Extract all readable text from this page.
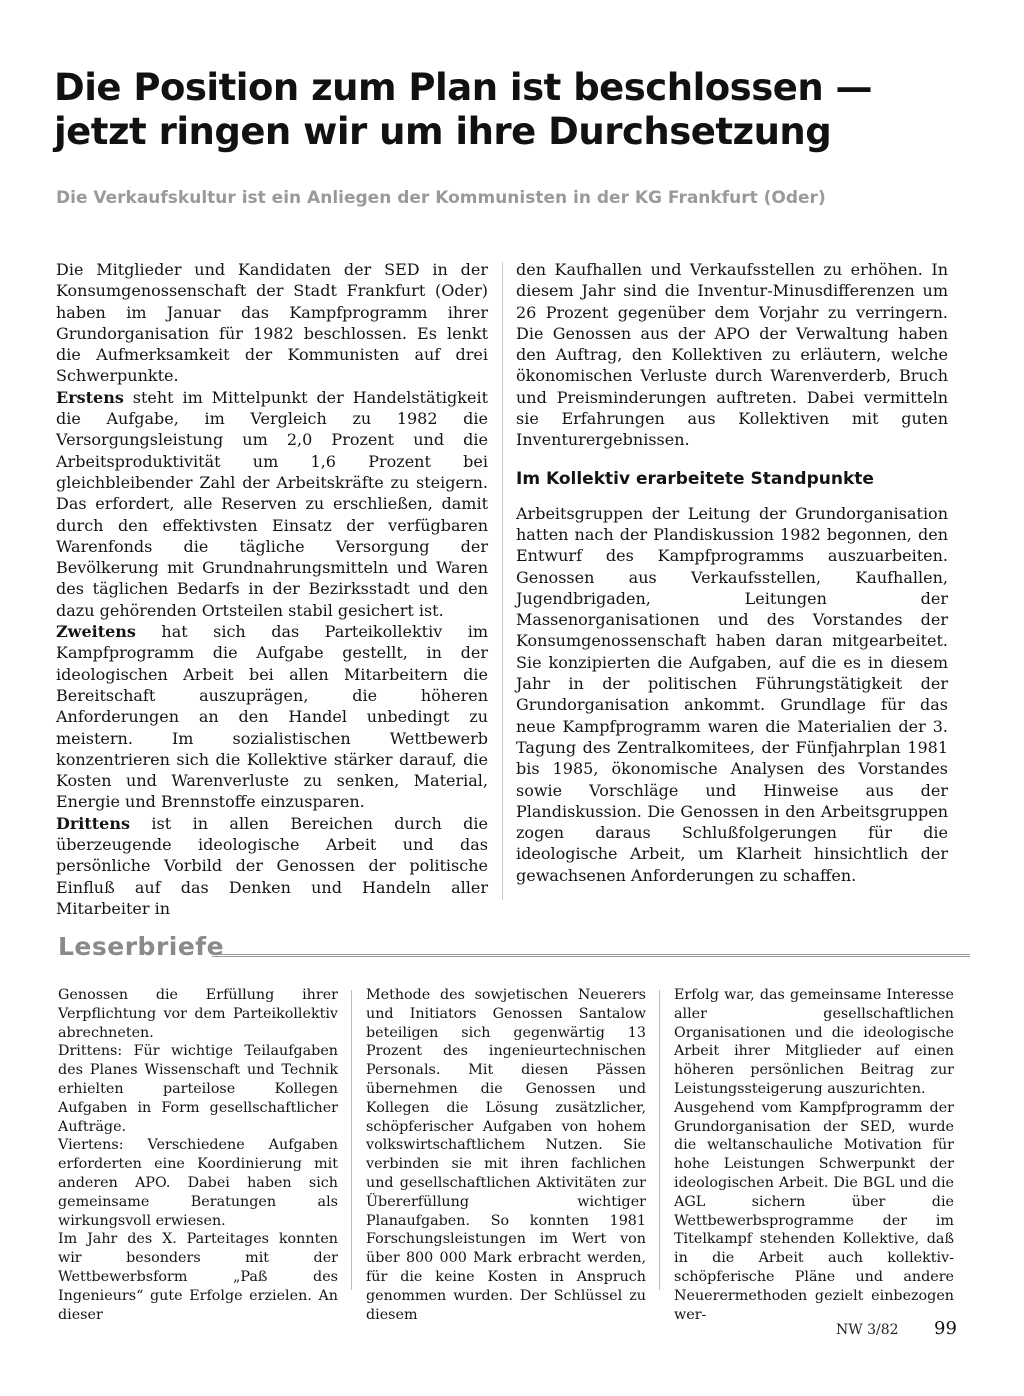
Die Position zum Plan ist beschlossen —
jetzt ringen wir um ihre Durchsetzung

Die Verkaufskultur ist ein Anliegen der Kommunisten in der KG Frankfurt (Oder)

Die Mitglieder und Kandidaten der SED in der Konsumgenossenschaft der Stadt Frankfurt (Oder) haben im Januar das Kampfprogramm ihrer Grundorganisation für 1982 beschlossen. Es lenkt die Aufmerksamkeit der Kommunisten auf drei Schwerpunkte.

Erstens steht im Mittelpunkt der Handelstätigkeit die Aufgabe, im Vergleich zu 1982 die Versorgungsleistung um 2,0 Prozent und die Arbeitsproduktivität um 1,6 Prozent bei gleichbleibender Zahl der Arbeitskräfte zu steigern. Das erfordert, alle Reserven zu erschließen, damit durch den effektivsten Einsatz der verfügbaren Warenfonds die tägliche Versorgung der Bevölkerung mit Grundnahrungsmitteln und Waren des täglichen Bedarfs in der Bezirksstadt und den dazu gehörenden Ortsteilen stabil gesichert ist.

Zweitens hat sich das Parteikollektiv im Kampfprogramm die Aufgabe gestellt, in der ideologischen Arbeit bei allen Mitarbeitern die Bereitschaft auszuprägen, die höheren Anforderungen an den Handel unbedingt zu meistern. Im sozialistischen Wettbewerb konzentrieren sich die Kollektive stärker darauf, die Kosten und Warenverluste zu senken, Material, Energie und Brennstoffe einzusparen.

Drittens ist in allen Bereichen durch die überzeugende ideologische Arbeit und das persönliche Vorbild der Genossen der politische Einfluß auf das Denken und Handeln aller Mitarbeiter in

den Kaufhallen und Verkaufsstellen zu erhöhen. In diesem Jahr sind die Inventur-Minusdifferenzen um 26 Prozent gegenüber dem Vorjahr zu verringern. Die Genossen aus der APO der Verwaltung haben den Auftrag, den Kollektiven zu erläutern, welche ökonomischen Verluste durch Warenverderb, Bruch und Preisminderungen auftreten. Dabei vermitteln sie Erfahrungen aus Kollektiven mit guten Inventurergebnissen.

Im Kollektiv erarbeitete Standpunkte

Arbeitsgruppen der Leitung der Grundorganisation hatten nach der Plandiskussion 1982 begonnen, den Entwurf des Kampfprogramms auszuarbeiten. Genossen aus Verkaufsstellen, Kaufhallen, Jugendbrigaden, Leitungen der Massenorganisationen und des Vorstandes der Konsumgenossenschaft haben daran mitgearbeitet. Sie konzipierten die Aufgaben, auf die es in diesem Jahr in der politischen Führungstätigkeit der Grundorganisation ankommt. Grundlage für das neue Kampfprogramm waren die Materialien der 3. Tagung des Zentralkomitees, der Fünfjahrplan 1981 bis 1985, ökonomische Analysen des Vorstandes sowie Vorschläge und Hinweise aus der Plandiskussion. Die Genossen in den Arbeitsgruppen zogen daraus Schlußfolgerungen für die ideologische Arbeit, um Klarheit hinsichtlich der gewachsenen Anforderungen zu schaffen.

Leserbriefe

Genossen die Erfüllung ihrer Verpflichtung vor dem Parteikollektiv abrechneten.

Drittens: Für wichtige Teilaufgaben des Planes Wissenschaft und Technik erhielten parteilose Kollegen Aufgaben in Form gesellschaftlicher Aufträge.

Viertens: Verschiedene Aufgaben erforderten eine Koordinierung mit anderen APO. Dabei haben sich gemeinsame Beratungen als wirkungsvoll erwiesen.

Im Jahr des X. Parteitages konnten wir besonders mit der Wettbewerbsform „Paß des Ingenieurs“ gute Erfolge erzielen. An dieser

Methode des sowjetischen Neuerers und Initiators Genossen Santalow beteiligen sich gegenwärtig 13 Prozent des ingenieurtechnischen Personals. Mit diesen Pässen übernehmen die Genossen und Kollegen die Lösung zusätzlicher, schöpferischer Aufgaben von hohem volkswirtschaftlichem Nutzen. Sie verbinden sie mit ihren fachlichen und gesellschaftlichen Aktivitäten zur Übererfüllung wichtiger Planaufgaben. So konnten 1981 Forschungsleistungen im Wert von über 800 000 Mark erbracht werden, für die keine Kosten in Anspruch genommen wurden. Der Schlüssel zu diesem

Erfolg war, das gemeinsame Interesse aller gesellschaftlichen Organisationen und die ideologische Arbeit ihrer Mitglieder auf einen höheren persönlichen Beitrag zur Leistungssteigerung auszurichten.

Ausgehend vom Kampfprogramm der Grundorganisation der SED, wurde die weltanschauliche Motivation für hohe Leistungen Schwerpunkt der ideologischen Arbeit. Die BGL und die AGL sichern über die Wettbewerbsprogramme der im Titelkampf stehenden Kollektive, daß in die Arbeit auch kollektiv-schöpferische Pläne und andere Neuerermethoden gezielt einbezogen wer-

NW 3/82 99
